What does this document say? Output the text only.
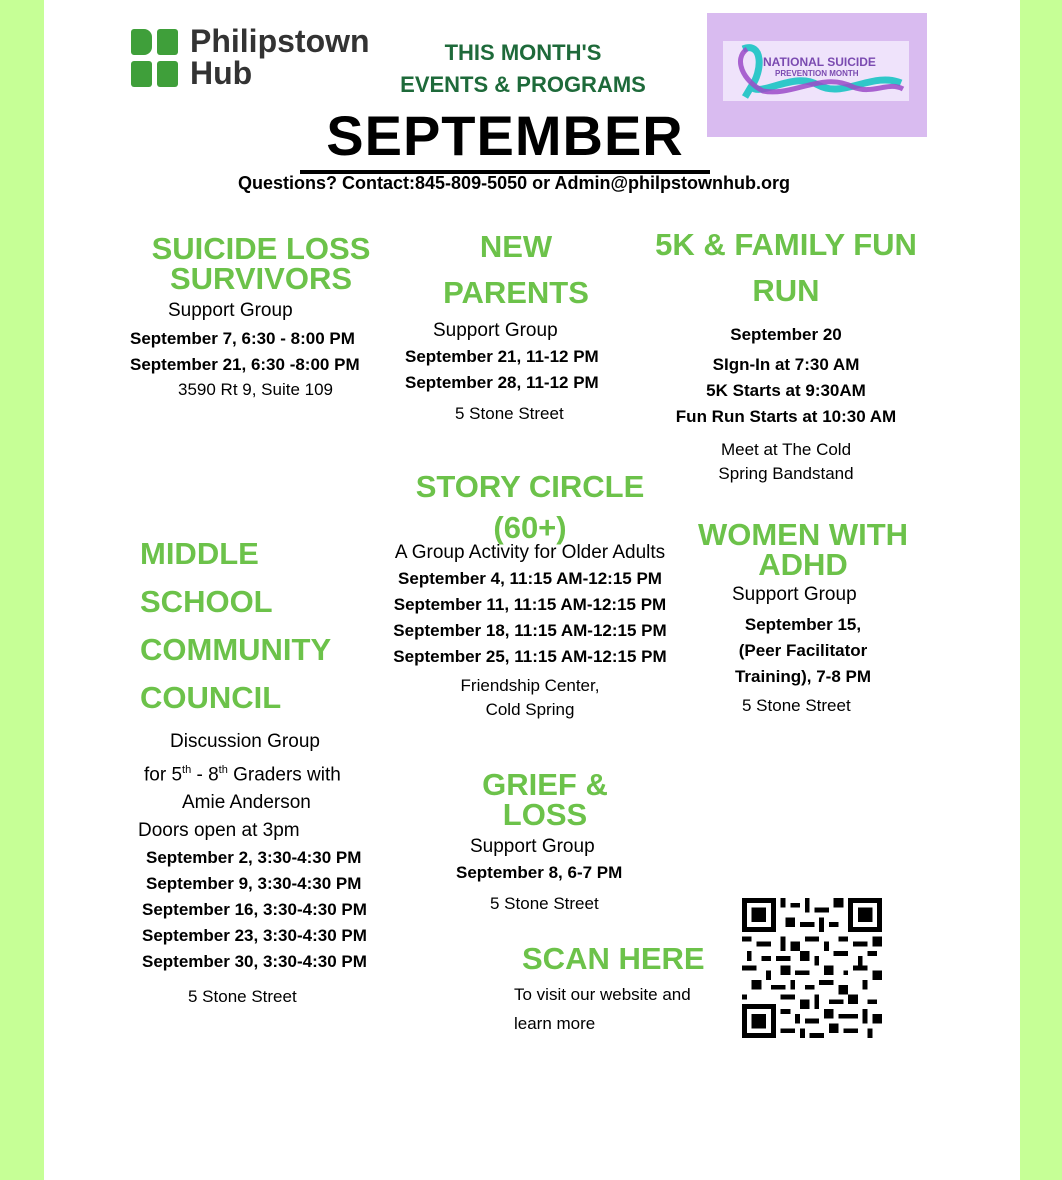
Philipstown
Hub
THIS MONTH'S
EVENTS & PROGRAMS
NATIONAL SUICIDE
PREVENTION MONTH
SEPTEMBER
Questions? Contact:845-809-5050 or Admin@philpstownhub.org
SUICIDE LOSS
SURVIVORS
Support Group
September 7, 6:30 - 8:00 PM
September 21, 6:30 -8:00 PM
3590 Rt 9, Suite 109
NEW
PARENTS
Support Group
September 21, 11-12 PM
September 28, 11-12 PM
5 Stone Street
5K & FAMILY FUN
RUN
September 20
SIgn-In at 7:30 AM
5K Starts at 9:30AM
Fun Run Starts at 10:30 AM
Meet at The Cold
Spring Bandstand
STORY CIRCLE
(60+)
A Group Activity for Older Adults
September 4, 11:15 AM-12:15 PM
September 11, 11:15 AM-12:15 PM
September 18, 11:15 AM-12:15 PM
September 25, 11:15 AM-12:15 PM
Friendship Center,
Cold Spring
WOMEN WITH
ADHD
Support Group
September 15,
(Peer Facilitator
Training), 7-8 PM
5 Stone Street
MIDDLE
SCHOOL
COMMUNITY
COUNCIL
Discussion Group
for 5th - 8th Graders with
Amie Anderson
Doors open at 3pm
September 2, 3:30-4:30 PM
September 9, 3:30-4:30 PM
September 16, 3:30-4:30 PM
September 23, 3:30-4:30 PM
September 30, 3:30-4:30 PM
5 Stone Street
GRIEF &
LOSS
Support Group
September 8, 6-7 PM
5 Stone Street
SCAN HERE
To visit our website and
learn more
